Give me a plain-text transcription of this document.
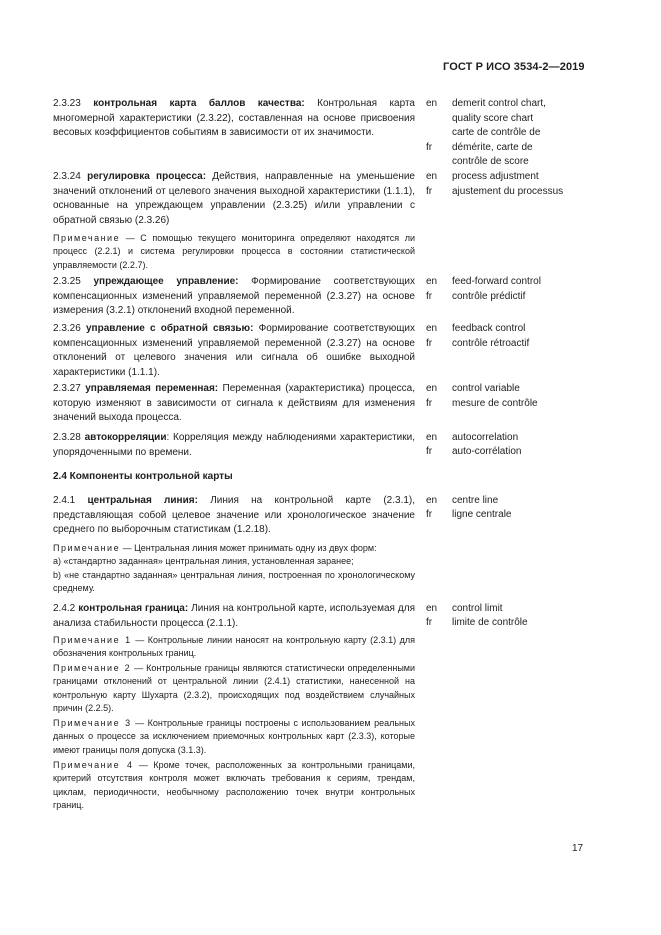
ГОСТ Р ИСО 3534-2—2019
2.3.23 контрольная карта баллов качества: Контрольная карта многомерной характеристики (2.3.22), составленная на основе присвоения весовых коэффициентов событиям в зависимости от их значимости.
en demerit control chart,
quality score chart
fr
carte de contrôle de
démérite, carte de
contrôle de score
2.3.24 регулировка процесса: Действия, направленные на уменьшение значений отклонений от целевого значения выходной характеристики (1.1.1), основанные на упреждающем управлении (2.3.25) и/или управлении с обратной связью (2.3.26)
en process adjustment
fr ajustement du processus
Примечание — С помощью текущего мониторинга определяют находятся ли процесс (2.2.1) и система регулировки процесса в состоянии статистической управляемости (2.2.7).
2.3.25 упреждающее управление: Формирование соответствующих компенсационных изменений управляемой переменной (2.3.27) на основе измерения (3.2.1) отклонений входной переменной.
en feed-forward control
fr contrôle prédictif
2.3.26 управление с обратной связью: Формирование соответствующих компенсационных изменений управляемой переменной (2.3.27) на основе отклонений от целевого значения или сигнала об ошибке выходной характеристики (1.1.1).
en feedback control
fr contrôle rétroactif
2.3.27 управляемая переменная: Переменная (характеристика) процесса, которую изменяют в зависимости от сигнала к действиям для изменения значений выхода процесса.
en control variable
fr mesure de contrôle
2.3.28 автокорреляции: Корреляция между наблюдениями характеристики, упорядоченными по времени.
en autocorrelation
fr auto-corrélation
2.4 Компоненты контрольной карты
2.4.1 центральная линия: Линия на контрольной карте (2.3.1), представляющая собой целевое значение или хронологическое значение среднего по выборочным статистикам (1.2.18).
en centre line
fr ligne centrale
Примечание — Центральная линия может принимать одну из двух форм:
а) «стандартно заданная» центральная линия, установленная заранее;
b) «не стандартно заданная» центральная линия, построенная по хронологическому среднему.
2.4.2 контрольная граница: Линия на контрольной карте, используемая для анализа стабильности процесса (2.1.1).
en control limit
fr limite de contrôle
Примечание 1 — Контрольные линии наносят на контрольную карту (2.3.1) для обозначения контрольных границ.
Примечание 2 — Контрольные границы являются статистически определенными границами отклонений от центральной линии (2.4.1) статистики, нанесенной на контрольную карту Шухарта (2.3.2), происходящих под воздействием случайных причин (2.2.5).
Примечание 3 — Контрольные границы построены с использованием реальных данных о процессе за исключением приемочных контрольных карт (2.3.3), которые имеют границы поля допуска (3.1.3).
Примечание 4 — Кроме точек, расположенных за контрольными границами, критерий отсутствия контроля может включать требования к сериям, трендам, циклам, периодичности, необычному расположению точек внутри контрольных границ.
17
